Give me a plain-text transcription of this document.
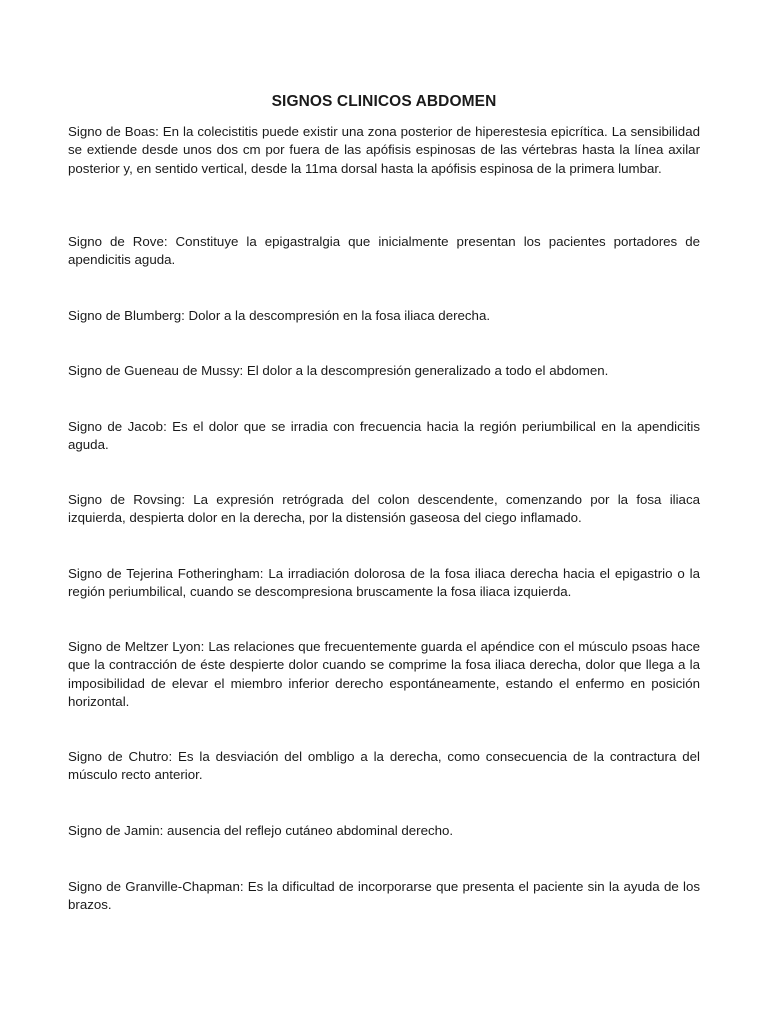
SIGNOS CLINICOS ABDOMEN

Signo de Boas: En la colecistitis puede existir una zona posterior de hiperestesia epicrítica. La sensibilidad se extiende desde unos dos cm por fuera de las apófisis espinosas de las vértebras hasta la línea axilar posterior y, en sentido vertical, desde la 11ma dorsal hasta la apófisis espinosa de la primera lumbar.

Signo de Rove: Constituye la epigastralgia que inicialmente presentan los pacientes portadores de apendicitis aguda.

Signo de Blumberg: Dolor a la descompresión en la fosa iliaca derecha.

Signo de Gueneau de Mussy: El dolor a la descompresión generalizado a todo el abdomen.

Signo de Jacob: Es el dolor que se irradia con frecuencia hacia la región periumbilical en la apendicitis aguda.

Signo de Rovsing: La expresión retrógrada del colon descendente, comenzando por la fosa iliaca izquierda, despierta dolor en la derecha, por la distensión gaseosa del ciego inflamado.

Signo de Tejerina Fotheringham: La irradiación dolorosa de la fosa iliaca derecha hacia el epigastrio o la región periumbilical, cuando se descompresiona bruscamente la fosa iliaca izquierda.

Signo de Meltzer Lyon: Las relaciones que frecuentemente guarda el apéndice con el músculo psoas hace que la contracción de éste despierte dolor cuando se comprime la fosa iliaca derecha, dolor que llega a la imposibilidad de elevar el miembro inferior derecho espontáneamente, estando el enfermo en posición horizontal.

Signo de Chutro: Es la desviación del ombligo a la derecha, como consecuencia de la contractura del músculo recto anterior.

Signo de Jamin: ausencia del reflejo cutáneo abdominal derecho.

Signo de Granville-Chapman: Es la dificultad de incorporarse que presenta el paciente sin la ayuda de los brazos.
